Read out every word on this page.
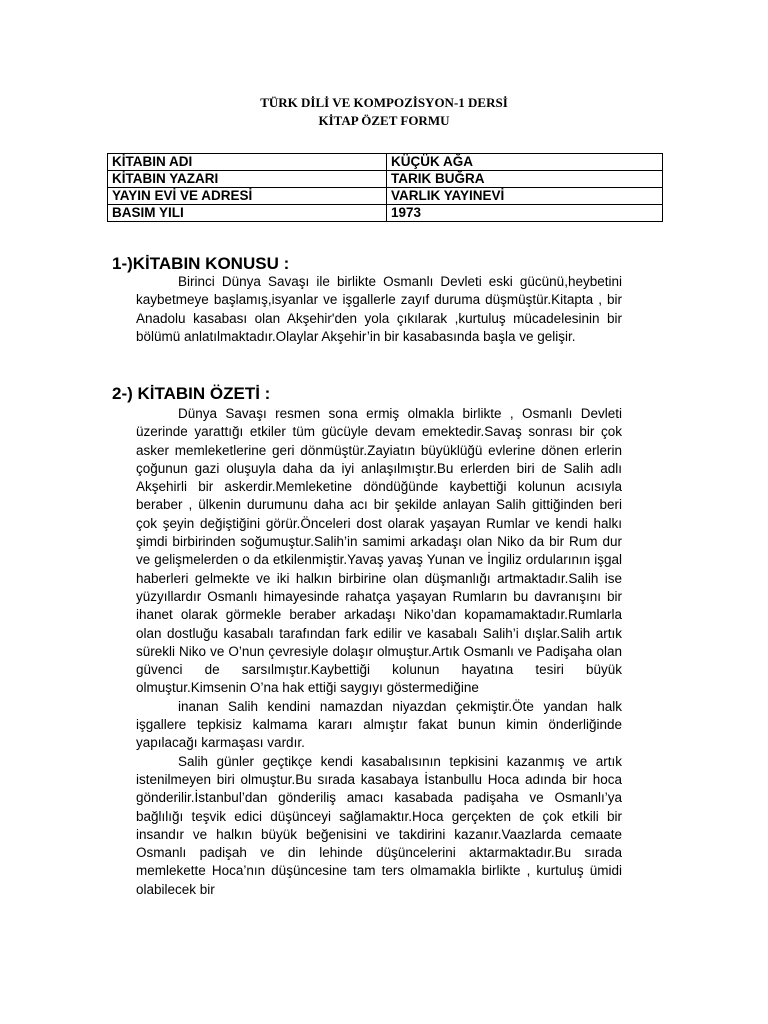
TÜRK DİLİ VE KOMPOZİSYON-1 DERSİ
KİTAP ÖZET FORMU
KİTABIN ADI	KÜÇÜK AĞA
KİTABIN YAZARI	TARIK BUĞRA
YAYIN EVİ VE ADRESİ	VARLIK YAYINEVİ
BASIM YILI	1973
1-)KİTABIN KONUSU :

Birinci Dünya Savaşı ile birlikte Osmanlı Devleti eski gücünü,heybetini kaybetmeye başlamış,isyanlar ve işgallerle zayıf duruma düşmüştür.Kitapta , bir Anadolu kasabası olan Akşehir'den yola çıkılarak ,kurtuluş mücadelesinin bir bölümü anlatılmaktadır.Olaylar Akşehir’in bir kasabasında başla ve gelişir.

2-) KİTABIN ÖZETİ :

Dünya Savaşı resmen sona ermiş olmakla birlikte , Osmanlı Devleti üzerinde yarattığı etkiler tüm gücüyle devam emektedir.Savaş sonrası bir çok asker memleketlerine geri dönmüştür.Zayiatın büyüklüğü evlerine dönen erlerin çoğunun gazi oluşuyla daha da iyi anlaşılmıştır.Bu erlerden biri de Salih adlı Akşehirli bir askerdir.Memleketine döndüğünde kaybettiği kolunun acısıyla beraber , ülkenin durumunu daha acı bir şekilde anlayan Salih gittiğinden beri çok şeyin değiştiğini görür.Önceleri dost olarak yaşayan Rumlar ve kendi halkı şimdi birbirinden soğumuştur.Salih’in samimi arkadaşı olan Niko da bir Rum dur ve gelişmelerden o da etkilenmiştir.Yavaş yavaş Yunan ve İngiliz ordularının işgal haberleri gelmekte ve iki halkın birbirine olan düşmanlığı artmaktadır.Salih ise yüzyıllardır Osmanlı himayesinde rahatça yaşayan Rumların bu davranışını bir ihanet olarak görmekle beraber arkadaşı Niko’dan kopamamaktadır.Rumlarla olan dostluğu kasabalı tarafından fark edilir ve kasabalı Salih’i dışlar.Salih artık sürekli Niko ve O’nun çevresiyle dolaşır olmuştur.Artık Osmanlı ve Padişaha olan güvenci de sarsılmıştır.Kaybettiği kolunun hayatına tesiri büyük olmuştur.Kimsenin O’na hak ettiği saygıyı göstermediğine

inanan Salih kendini namazdan niyazdan çekmiştir.Öte yandan halk işgallere tepkisiz kalmama kararı almıştır fakat bunun kimin önderliğinde yapılacağı karmaşası vardır.

Salih günler geçtikçe kendi kasabalısının tepkisini kazanmış ve artık istenilmeyen biri olmuştur.Bu sırada kasabaya İstanbullu Hoca adında bir hoca gönderilir.İstanbul’dan gönderiliş amacı kasabada padişaha ve Osmanlı’ya bağlılığı teşvik edici düşünceyi sağlamaktır.Hoca gerçekten de çok etkili bir insandır ve halkın büyük beğenisini ve takdirini kazanır.Vaazlarda cemaate Osmanlı padişah ve din lehinde düşüncelerini aktarmaktadır.Bu sırada memlekette Hoca’nın düşüncesine tam ters olmamakla birlikte , kurtuluş ümidi olabilecek bir
